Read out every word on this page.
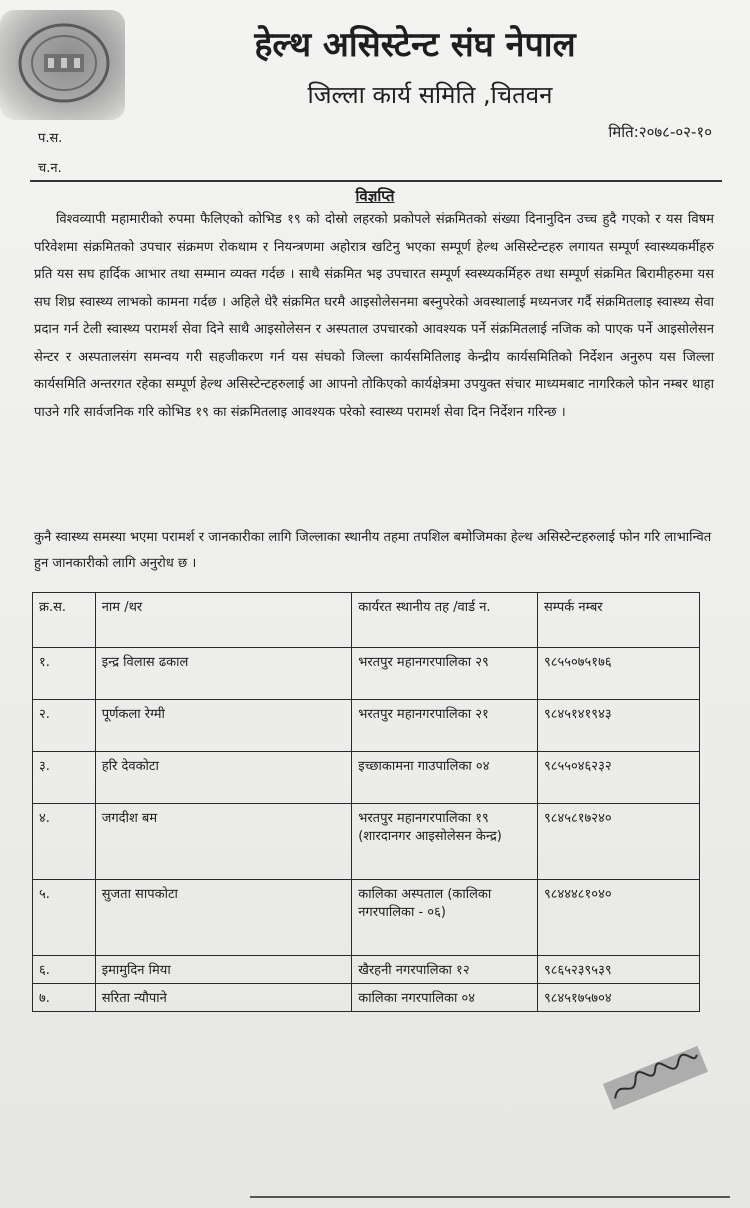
हेल्थ असिस्टेन्ट संघ नेपाल
जिल्ला कार्य समिति ,चितवन
प.स.
च.न.
मिति:२०७८-०२-१०
विज्ञप्ति
विश्वव्यापी महामारीको रुपमा फैलिएको कोभिड १९ को दोस्रो लहरको प्रकोपले संक्रमितको संख्या दिनानुदिन उच्च हुदै गएको र यस विषम परिवेशमा संक्रमितको उपचार संक्रमण रोकथाम र नियन्त्रणमा अहोरात्र खटिनु भएका सम्पूर्ण हेल्थ असिस्टेन्टहरु लगायत सम्पूर्ण स्वास्थ्यकर्मीहरु प्रति यस सघ हार्दिक आभार तथा सम्मान व्यक्त गर्दछ । साथै संक्रमित भइ उपचारत सम्पूर्ण स्वस्थ्यकर्मिहरु तथा सम्पूर्ण संक्रमित बिरामीहरुमा यस सघ शिघ्र स्वास्थ्य लाभको कामना गर्दछ । अहिले धेरै संक्रमित घरमै आइसोलेसनमा बस्नुपरेको अवस्थालाई मध्यनजर गर्दै संक्रमितलाइ स्वास्थ्य सेवा प्रदान गर्न टेली स्वास्थ्य परामर्श सेवा दिने साथै आइसोलेसन र अस्पताल उपचारको आवश्यक पर्ने संक्रमितलाई नजिक को पाएक पर्ने आइसोलेसन सेन्टर र अस्पतालसंग समन्वय गरी सहजीकरण गर्न यस संघको जिल्ला कार्यसमितिलाइ केन्द्रीय कार्यसमितिको निर्देशन अनुरुप यस जिल्ला कार्यसमिति अन्तरगत रहेका सम्पूर्ण हेल्थ असिस्टेन्टहरुलाई आ आपनो तोकिएको कार्यक्षेत्रमा उपयुक्त संचार माध्यमबाट नागरिकले फोन नम्बर थाहा पाउने गरि सार्वजनिक गरि कोभिड १९ का संक्रमितलाइ आवश्यक परेको स्वास्थ्य परामर्श सेवा दिन निर्देशन गरिन्छ ।
कुनै स्वास्थ्य समस्या भएमा परामर्श र जानकारीका लागि जिल्लाका स्थानीय तहमा तपशिल बमोजिमका हेल्थ असिस्टेन्टहरुलाई फोन गरि लाभान्वित हुन जानकारीको लागि अनुरोध छ ।
क्र.स.	नाम /थर	कार्यरत स्थानीय तह /वार्ड न.	सम्पर्क नम्बर
१.	इन्द्र विलास ढकाल	भरतपुर महानगरपालिका २९	९८५५०७५१७६
२.	पूर्णकला रेग्मी	भरतपुर महानगरपालिका २१	९८४५१४१९४३
३.	हरि देवकोटा	इच्छाकामना गाउपालिका ०४	९८५५०४६२३२
४.	जगदीश बम	भरतपुर महानगरपालिका १९ (शारदानगर आइसोलेसन केन्द्र)	९८४५८१७२४०
५.	सुजता सापकोटा	कालिका अस्पताल (कालिका नगरपालिका - ०६)	९८४४४८१०४०
६.	इमामुदिन मिया	खैरहनी नगरपालिका १२	९८६५२३९५३९
७.	सरिता न्यौपाने	कालिका नगरपालिका ०४	९८४५१७५७०४
